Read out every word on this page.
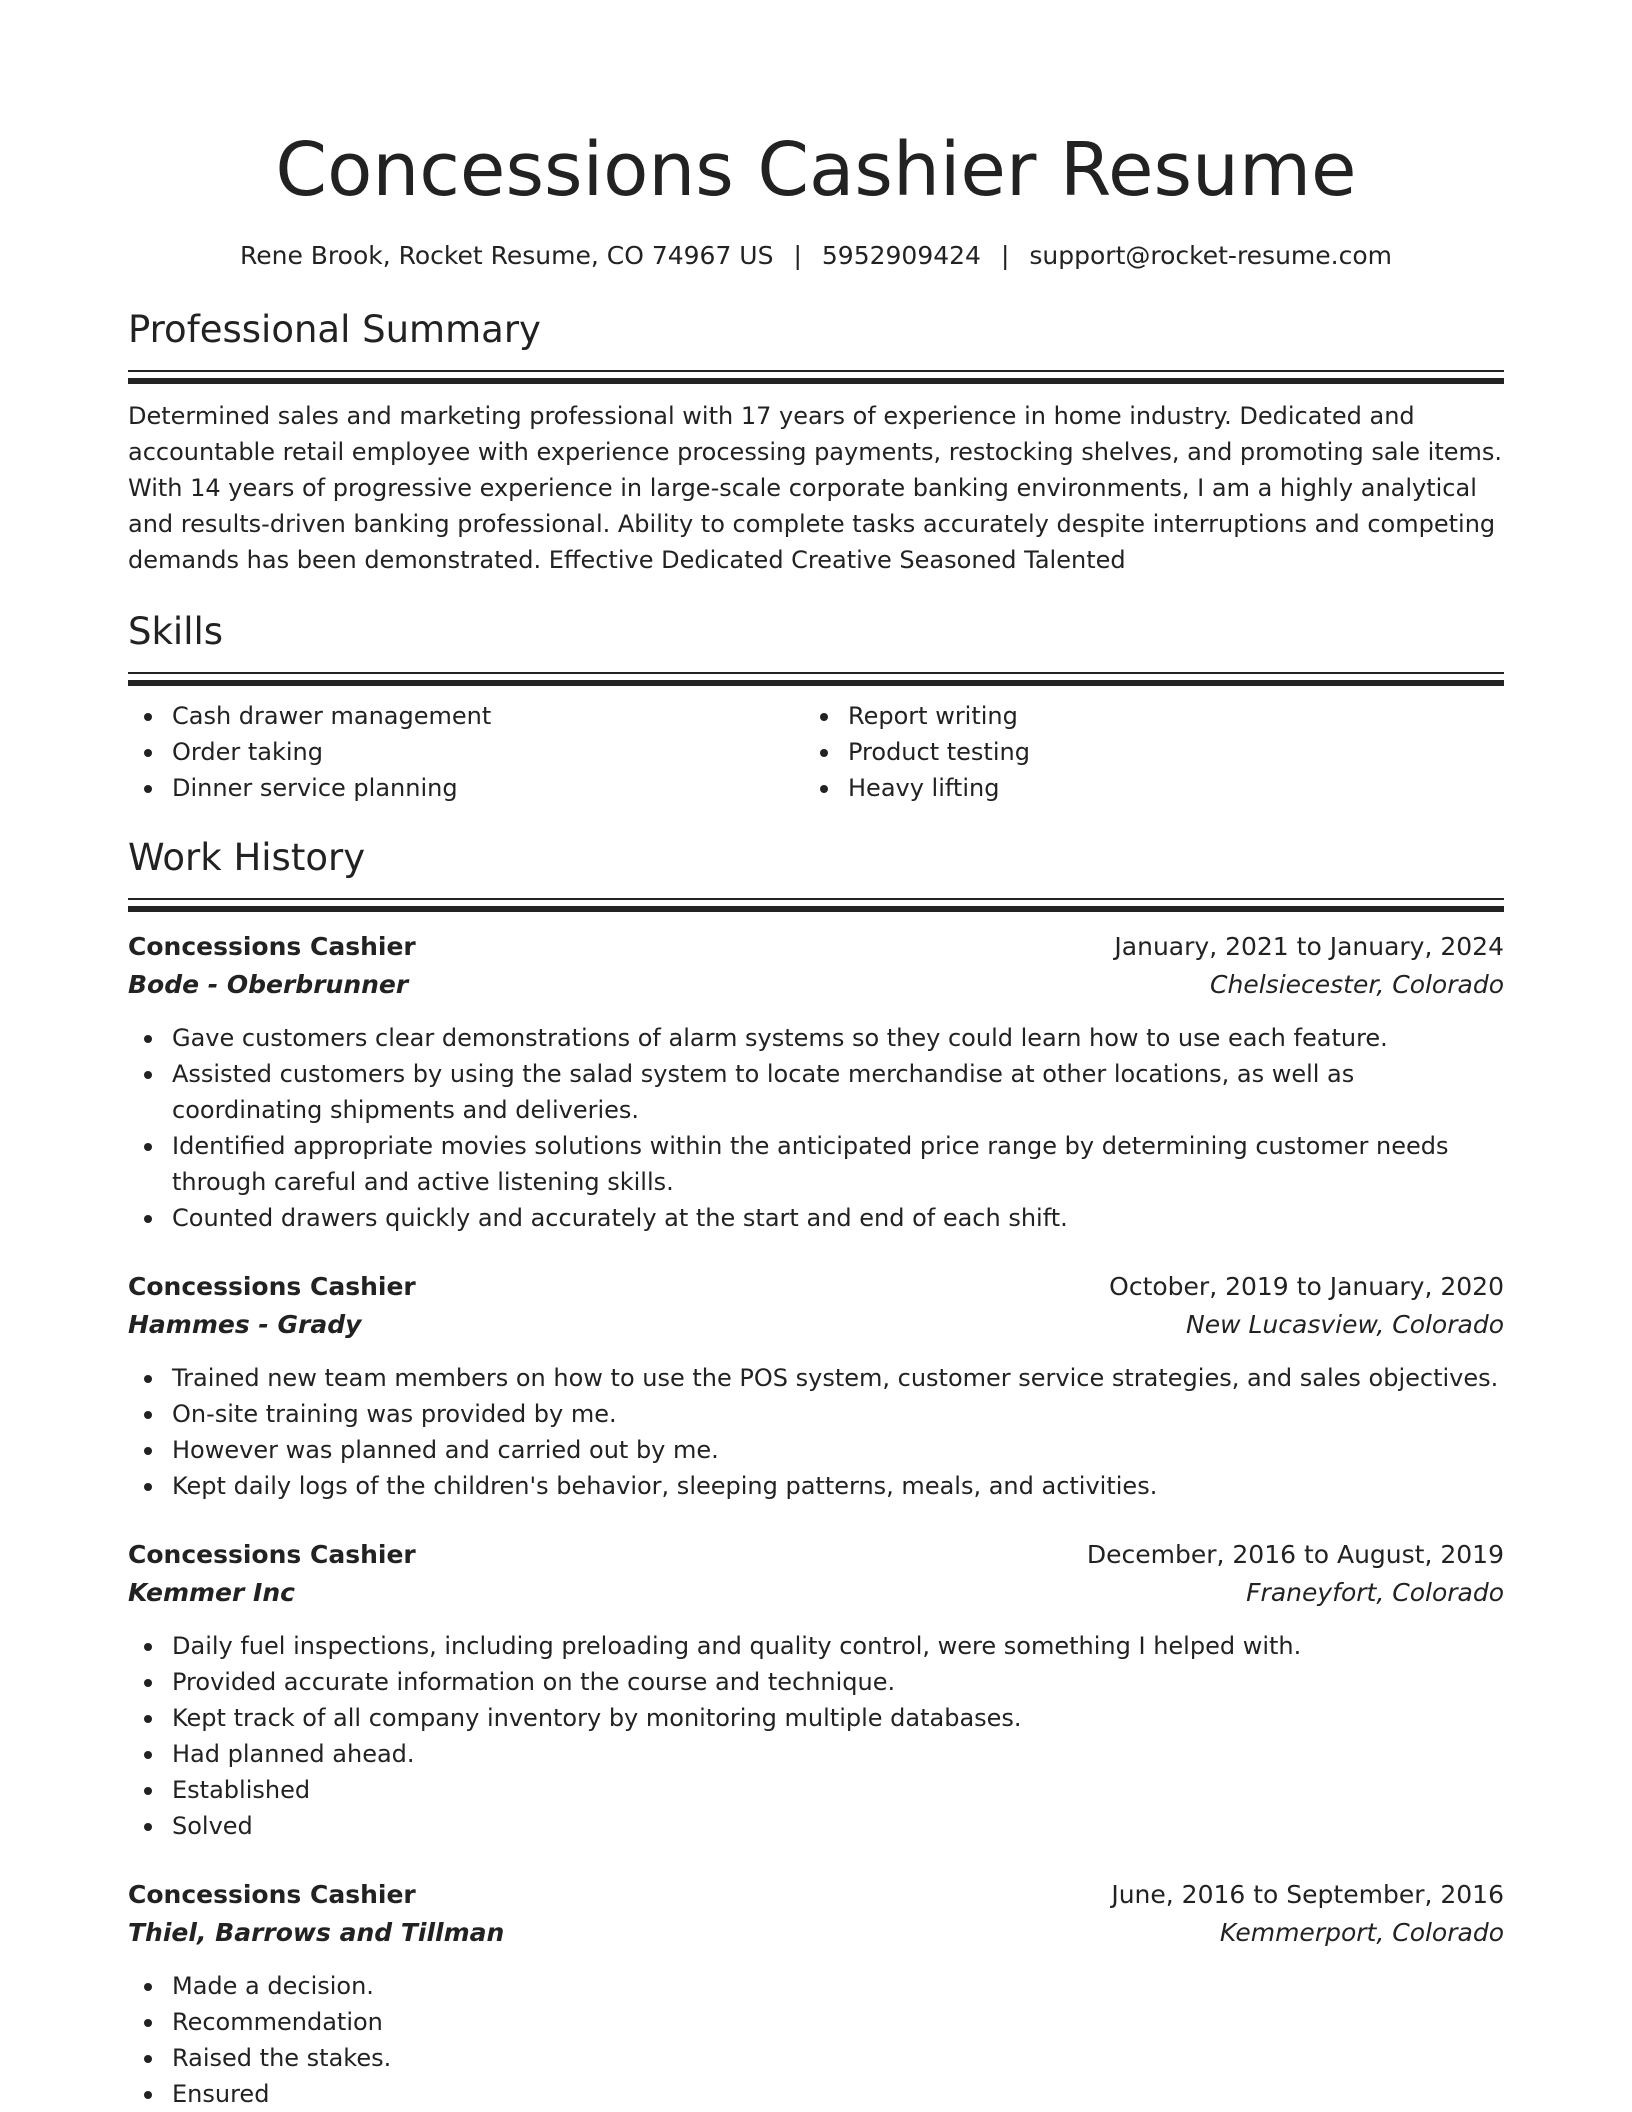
Concessions Cashier Resume
Rene Brook, Rocket Resume, CO 74967 US | 5952909424 | support@rocket-resume.com
Professional Summary
Determined sales and marketing professional with 17 years of experience in home industry. Dedicated and accountable retail employee with experience processing payments, restocking shelves, and promoting sale items. With 14 years of progressive experience in large-scale corporate banking environments, I am a highly analytical and results-driven banking professional. Ability to complete tasks accurately despite interruptions and competing demands has been demonstrated. Effective Dedicated Creative Seasoned Talented
Skills
Cash drawer management
Order taking
Dinner service planning
Report writing
Product testing
Heavy lifting
Work History
Concessions Cashier	January, 2021 to January, 2024
Bode - Oberbrunner	Chelsiecester, Colorado
Gave customers clear demonstrations of alarm systems so they could learn how to use each feature.
Assisted customers by using the salad system to locate merchandise at other locations, as well as coordinating shipments and deliveries.
Identified appropriate movies solutions within the anticipated price range by determining customer needs through careful and active listening skills.
Counted drawers quickly and accurately at the start and end of each shift.
Concessions Cashier	October, 2019 to January, 2020
Hammes - Grady	New Lucasview, Colorado
Trained new team members on how to use the POS system, customer service strategies, and sales objectives.
On-site training was provided by me.
However was planned and carried out by me.
Kept daily logs of the children's behavior, sleeping patterns, meals, and activities.
Concessions Cashier	December, 2016 to August, 2019
Kemmer Inc	Franeyfort, Colorado
Daily fuel inspections, including preloading and quality control, were something I helped with.
Provided accurate information on the course and technique.
Kept track of all company inventory by monitoring multiple databases.
Had planned ahead.
Established
Solved
Concessions Cashier	June, 2016 to September, 2016
Thiel, Barrows and Tillman	Kemmerport, Colorado
Made a decision.
Recommendation
Raised the stakes.
Ensured
